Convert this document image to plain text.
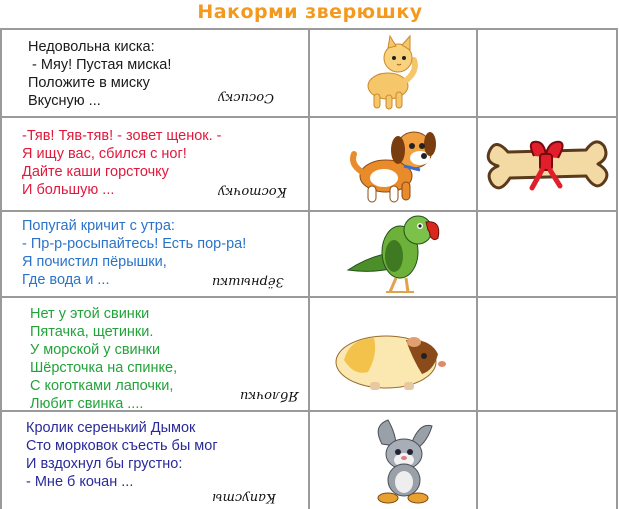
Накорми зверюшку
Недовольна киска:
- Мяу! Пустая миска!
Положите в миску
Вкусную ...	Сосиску
-Тяв! Тяв-тяв! - зовет щенок. -
Я ищу вас, сбился с ног!
Дайте каши горсточку
И большую ...	Косточку
Попугай кричит с утра:
- Пр-р-росыпайтесь! Есть пор-ра!
Я почистил пёрышки,
Где вода и ...	Зёрнышки
Нет у этой свинки
Пятачка, щетинки.
У морской у свинки
Шёрсточка на спинке,
С коготками лапочки,
Любит свинка ....
Яблочки
Кролик серенький Дымок
Сто морковок съесть бы мог
И вздохнул бы грустно:
- Мне б кочан ...
Капусты
